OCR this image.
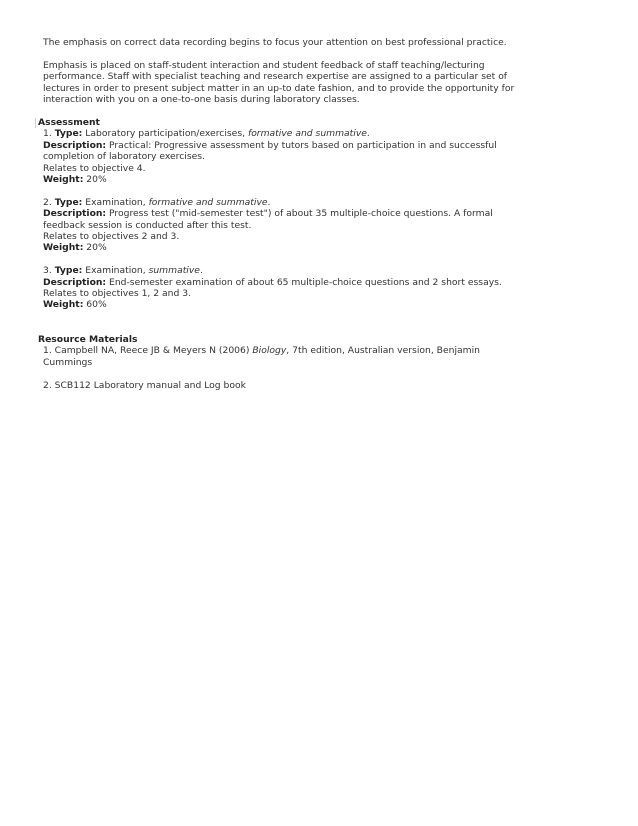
The emphasis on correct data recording begins to focus your attention on best professional practice.
Emphasis is placed on staff-student interaction and student feedback of staff teaching/lecturing
performance. Staff with specialist teaching and research expertise are assigned to a particular set of
lectures in order to present subject matter in an up-to date fashion, and to provide the opportunity for
interaction with you on a one-to-one basis during laboratory classes.
Assessment
1. Type: Laboratory participation/exercises, formative and summative.
Description: Practical: Progressive assessment by tutors based on participation in and successful
completion of laboratory exercises.
Relates to objective 4.
Weight: 20%
2. Type: Examination, formative and summative.
Description: Progress test ("mid-semester test") of about 35 multiple-choice questions. A formal
feedback session is conducted after this test.
Relates to objectives 2 and 3.
Weight: 20%
3. Type: Examination, summative.
Description: End-semester examination of about 65 multiple-choice questions and 2 short essays.
Relates to objectives 1, 2 and 3.
Weight: 60%
Resource Materials
1. Campbell NA, Reece JB & Meyers N (2006) Biology, 7th edition, Australian version, Benjamin
Cummings
2. SCB112 Laboratory manual and Log book
